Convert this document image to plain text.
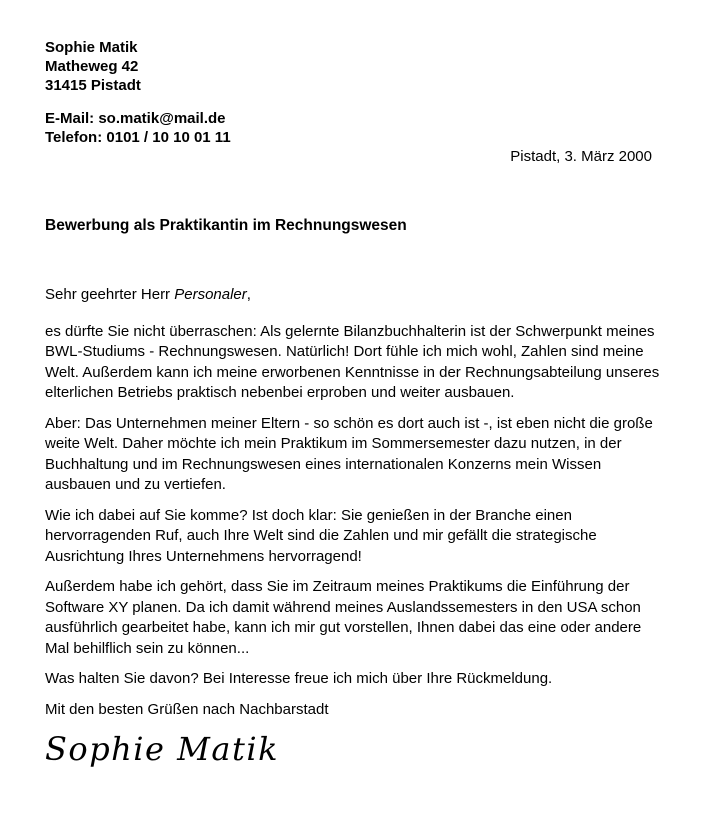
Sophie Matik
Matheweg 42
31415 Pistadt
E-Mail: so.matik@mail.de
Telefon: 0101 / 10 10 01 11
Pistadt, 3. März 2000

Bewerbung als Praktikantin im Rechnungswesen

Sehr geehrter Herr Personaler,

es dürfte Sie nicht überraschen: Als gelernte Bilanzbuchhalterin ist der Schwerpunkt meines
BWL-Studiums - Rechnungswesen. Natürlich! Dort fühle ich mich wohl, Zahlen sind meine
Welt. Außerdem kann ich meine erworbenen Kenntnisse in der Rechnungsabteilung unseres
elterlichen Betriebs praktisch nebenbei erproben und weiter ausbauen.

Aber: Das Unternehmen meiner Eltern - so schön es dort auch ist -, ist eben nicht die große
weite Welt. Daher möchte ich mein Praktikum im Sommersemester dazu nutzen, in der
Buchhaltung und im Rechnungswesen eines internationalen Konzerns mein Wissen
ausbauen und zu vertiefen.

Wie ich dabei auf Sie komme? Ist doch klar: Sie genießen in der Branche einen
hervorragenden Ruf, auch Ihre Welt sind die Zahlen und mir gefällt die strategische
Ausrichtung Ihres Unternehmens hervorragend!

Außerdem habe ich gehört, dass Sie im Zeitraum meines Praktikums die Einführung der
Software XY planen. Da ich damit während meines Auslandssemesters in den USA schon
ausführlich gearbeitet habe, kann ich mir gut vorstellen, Ihnen dabei das eine oder andere
Mal behilflich sein zu können...

Was halten Sie davon? Bei Interesse freue ich mich über Ihre Rückmeldung.

Mit den besten Grüßen nach Nachbarstadt

Sophie Matik
